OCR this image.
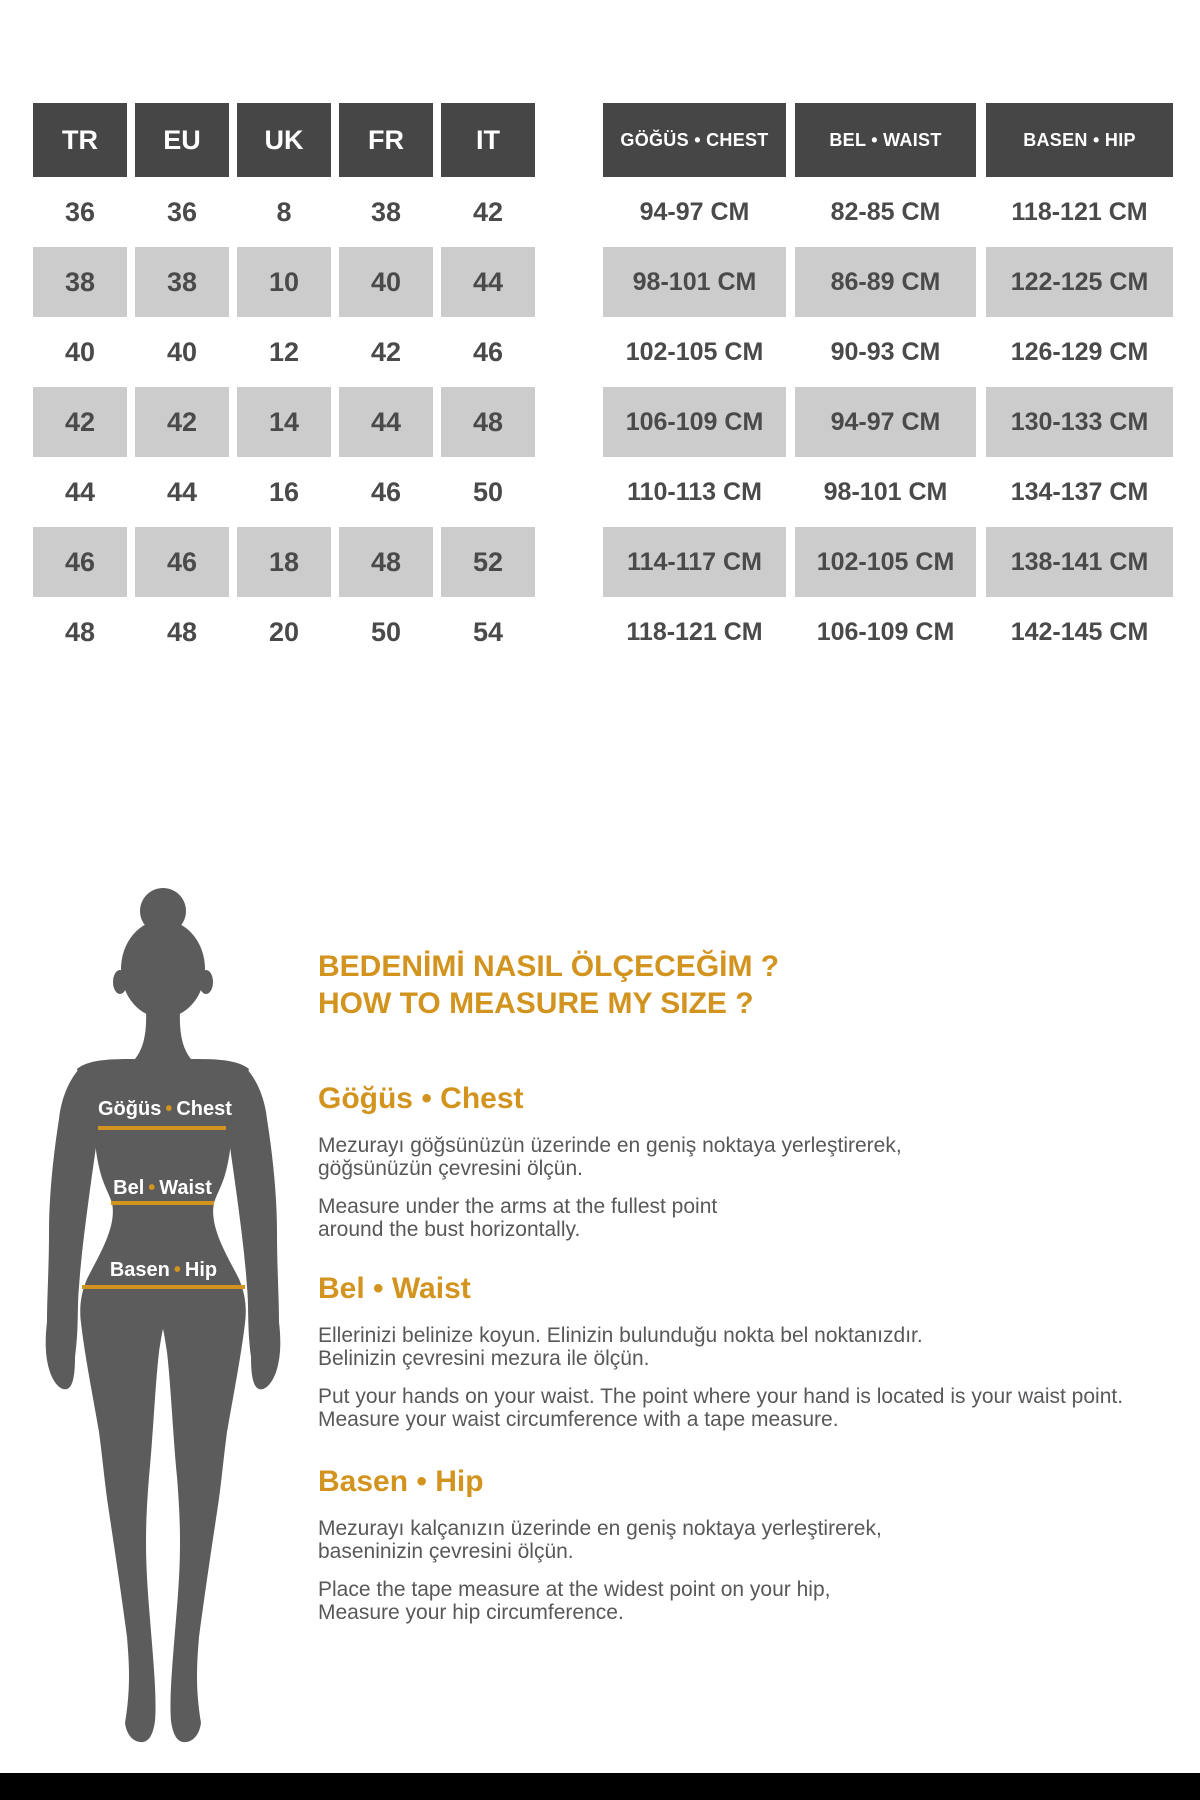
TR	EU	UK	FR	IT	GÖĞÜS • CHEST	BEL • WAIST	BASEN • HIP
36	36	8	38	42	94-97 CM	82-85 CM	118-121 CM
38	38	10	40	44	98-101 CM	86-89 CM	122-125 CM
40	40	12	42	46	102-105 CM	90-93 CM	126-129 CM
42	42	14	44	48	106-109 CM	94-97 CM	130-133 CM
44	44	16	46	50	110-113 CM	98-101 CM	134-137 CM
46	46	18	48	52	114-117 CM	102-105 CM	138-141 CM
48	48	20	50	54	118-121 CM	106-109 CM	142-145 CM
Göğüs • Chest
Bel • Waist
Basen • Hip
BEDENİMİ NASIL ÖLÇECEĞİM ?
HOW TO MEASURE MY SIZE ?
Göğüs • Chest

Mezurayı göğsünüzün üzerinde en geniş noktaya yerleştirerek,
göğsünüzün çevresini ölçün.

Measure under the arms at the fullest point
around the bust horizontally.

Bel • Waist

Ellerinizi belinize koyun. Elinizin bulunduğu nokta bel noktanızdır.
Belinizin çevresini mezura ile ölçün.

Put your hands on your waist. The point where your hand is located is your waist point.
Measure your waist circumference with a tape measure.

Basen • Hip

Mezurayı kalçanızın üzerinde en geniş noktaya yerleştirerek,
baseninizin çevresini ölçün.

Place the tape measure at the widest point on your hip,
Measure your hip circumference.
